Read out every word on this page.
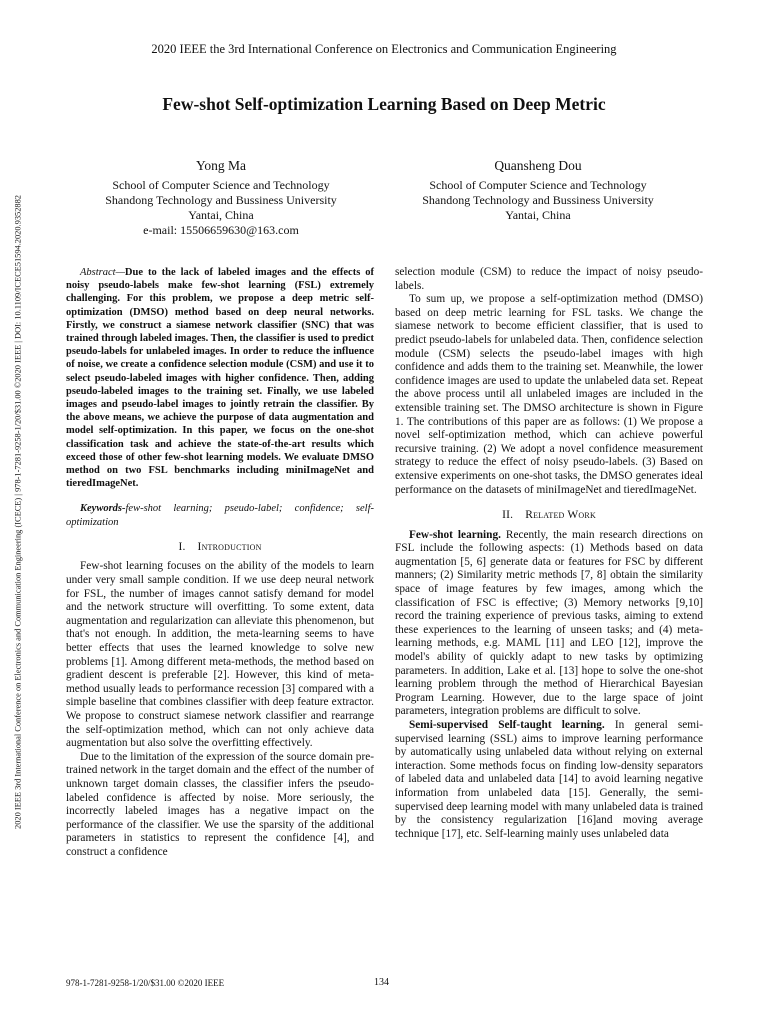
2020 IEEE the 3rd International Conference on Electronics and Communication Engineering
Few-shot Self-optimization Learning Based on Deep Metric
Yong Ma
School of Computer Science and Technology
Shandong Technology and Bussiness University
Yantai, China
e-mail: 15506659630@163.com
Quansheng Dou
School of Computer Science and Technology
Shandong Technology and Bussiness University
Yantai, China
2020 IEEE 3rd International Conference on Electronics and Communication Engineering (ICECE) | 978-1-7281-9258-1/20/$31.00 ©2020 IEEE | DOI: 10.1109/ICECE51594.2020.9352882	Abstract—Due to the lack of labeled images and the effects of noisy pseudo-labels make few-shot learning (FSL) extremely challenging. For this problem, we propose a deep metric self-optimization (DMSO) method based on deep neural networks. Firstly, we construct a siamese network classifier (SNC) that was trained through labeled images. Then, the classifier is used to predict pseudo-labels for unlabeled images. In order to reduce the influence of noise, we create a confidence selection module (CSM) and use it to select pseudo-labeled images with higher confidence. Then, adding pseudo-labeled images to the training set. Finally, we use labeled images and pseudo-label images to jointly retrain the classifier. By the above means, we achieve the purpose of data augmentation and model self-optimization. In this paper, we focus on the one-shot classification task and achieve the state-of-the-art results which exceed those of other few-shot learning models. We evaluate DMSO method on two FSL benchmarks including miniImageNet and tieredImageNet.

Keywords-few-shot learning; pseudo-label; confidence; self-optimization

I. Introduction

Few-shot learning focuses on the ability of the models to learn under very small sample condition. If we use deep neural network for FSL, the number of images cannot satisfy demand for model and the network structure will overfitting. To some extent, data augmentation and regularization can alleviate this phenomenon, but that's not enough. In addition, the meta-learning seems to have better effects that uses the learned knowledge to solve new problems [1]. Among different meta-methods, the method based on gradient descent is preferable [2]. However, this kind of meta-method usually leads to performance recession [3] compared with a simple baseline that combines classifier with deep feature extractor. We propose to construct siamese network classifier and rearrange the self-optimization method, which can not only achieve data augmentation but also solve the overfitting effectively.

Due to the limitation of the expression of the source domain pre-trained network in the target domain and the effect of the number of unknown target domain classes, the classifier infers the pseudo-labeled confidence is affected by noise. More seriously, the incorrectly labeled images has a negative impact on the performance of the classifier. We use the sparsity of the additional parameters in statistics to represent the confidence [4], and construct a confidence

selection module (CSM) to reduce the impact of noisy pseudo-labels.

To sum up, we propose a self-optimization method (DMSO) based on deep metric learning for FSL tasks. We change the siamese network to become efficient classifier, that is used to predict pseudo-labels for unlabeled data. Then, confidence selection module (CSM) selects the pseudo-label images with high confidence and adds them to the training set. Meanwhile, the lower confidence images are used to update the unlabeled data set. Repeat the above process until all unlabeled images are included in the extensible training set. The DMSO architecture is shown in Figure 1. The contributions of this paper are as follows: (1) We propose a novel self-optimization method, which can achieve powerful recursive training. (2) We adopt a novel confidence measurement strategy to reduce the effect of noisy pseudo-labels. (3) Based on extensive experiments on one-shot tasks, the DMSO generates ideal performance on the datasets of miniImageNet and tieredImageNet.

II. Related Work

Few-shot learning. Recently, the main research directions on FSL include the following aspects: (1) Methods based on data augmentation [5, 6] generate data or features for FSC by different manners; (2) Similarity metric methods [7, 8] obtain the similarity space of image features by few images, among which the classification of FSC is effective; (3) Memory networks [9,10] record the training experience of previous tasks, aiming to extend these experiences to the learning of unseen tasks; and (4) meta-learning methods, e.g. MAML [11] and LEO [12], improve the model's ability of quickly adapt to new tasks by optimizing parameters. In addition, Lake et al. [13] hope to solve the one-shot learning problem through the method of Hierarchical Bayesian Program Learning. However, due to the large space of joint parameters, integration problems are difficult to solve.

Semi-supervised Self-taught learning. In general semi-supervised learning (SSL) aims to improve learning performance by automatically using unlabeled data without relying on external interaction. Some methods focus on finding low-density separators of labeled data and unlabeled data [14] to avoid learning negative information from unlabeled data [15]. Generally, the semi-supervised deep learning model with many unlabeled data is trained by the consistency regularization [16]and moving average technique [17], etc. Self-learning mainly uses unlabeled data

978-1-7281-9258-1/20/$31.00 ©2020 IEEE	134
